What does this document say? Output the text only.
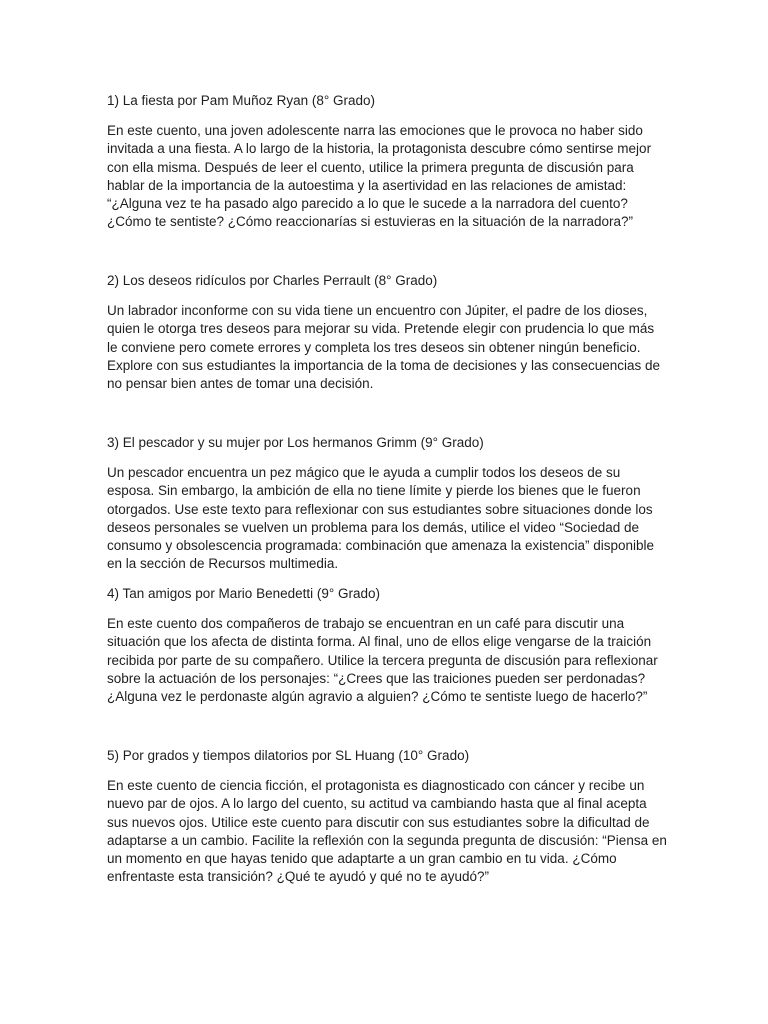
1) La fiesta por Pam Muñoz Ryan (8° Grado)

En este cuento, una joven adolescente narra las emociones que le provoca no haber sido invitada a una fiesta. A lo largo de la historia, la protagonista descubre cómo sentirse mejor con ella misma. Después de leer el cuento, utilice la primera pregunta de discusión para hablar de la importancia de la autoestima y la asertividad en las relaciones de amistad: “¿Alguna vez te ha pasado algo parecido a lo que le sucede a la narradora del cuento? ¿Cómo te sentiste? ¿Cómo reaccionarías si estuvieras en la situación de la narradora?”

2) Los deseos ridículos por Charles Perrault (8° Grado)

Un labrador inconforme con su vida tiene un encuentro con Júpiter, el padre de los dioses, quien le otorga tres deseos para mejorar su vida. Pretende elegir con prudencia lo que más le conviene pero comete errores y completa los tres deseos sin obtener ningún beneficio. Explore con sus estudiantes la importancia de la toma de decisiones y las consecuencias de no pensar bien antes de tomar una decisión.

3) El pescador y su mujer por Los hermanos Grimm (9° Grado)

Un pescador encuentra un pez mágico que le ayuda a cumplir todos los deseos de su esposa. Sin embargo, la ambición de ella no tiene límite y pierde los bienes que le fueron otorgados. Use este texto para reflexionar con sus estudiantes sobre situaciones donde los deseos personales se vuelven un problema para los demás, utilice el video “Sociedad de consumo y obsolescencia programada: combinación que amenaza la existencia” disponible en la sección de Recursos multimedia.

4) Tan amigos por Mario Benedetti (9° Grado)

En este cuento dos compañeros de trabajo se encuentran en un café para discutir una situación que los afecta de distinta forma. Al final, uno de ellos elige vengarse de la traición recibida por parte de su compañero. Utilice la tercera pregunta de discusión para reflexionar sobre la actuación de los personajes: “¿Crees que las traiciones pueden ser perdonadas? ¿Alguna vez le perdonaste algún agravio a alguien? ¿Cómo te sentiste luego de hacerlo?”

5) Por grados y tiempos dilatorios por SL Huang (10° Grado)

En este cuento de ciencia ficción, el protagonista es diagnosticado con cáncer y recibe un nuevo par de ojos. A lo largo del cuento, su actitud va cambiando hasta que al final acepta sus nuevos ojos. Utilice este cuento para discutir con sus estudiantes sobre la dificultad de adaptarse a un cambio. Facilite la reflexión con la segunda pregunta de discusión: “Piensa en un momento en que hayas tenido que adaptarte a un gran cambio en tu vida. ¿Cómo enfrentaste esta transición? ¿Qué te ayudó y qué no te ayudó?”
